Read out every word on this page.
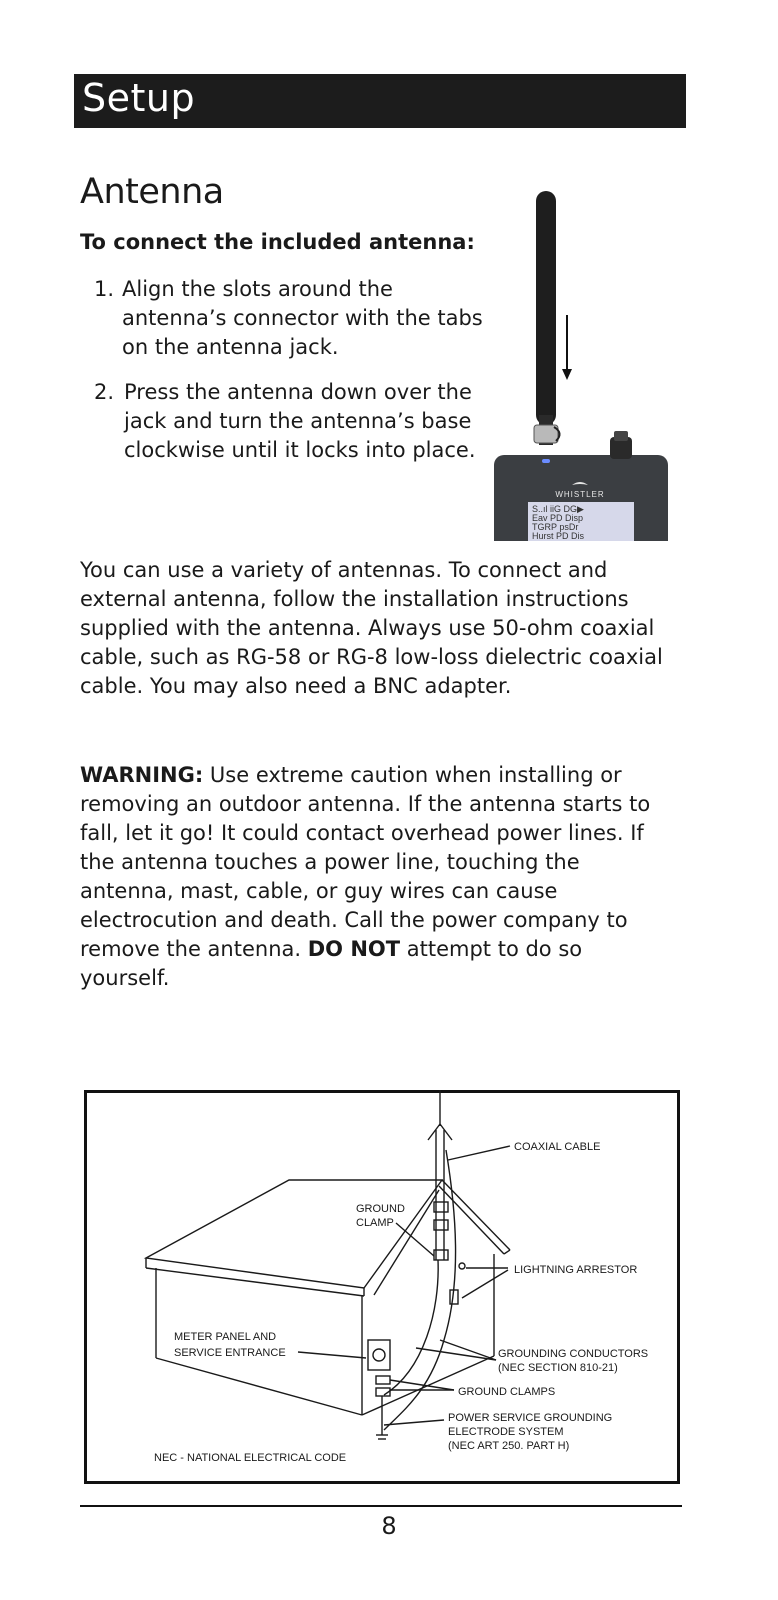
Setup
Antenna
To connect the included antenna:
1. Align the slots around the antenna’s connector with the tabs on the antenna jack.
2. Press the antenna down over the jack and turn the antenna’s base clockwise until it locks into place.
WHISTLER
S..ıl iiG DG▶
Eav PD Disp
TGRP psDr
Hurst PD Dis
You can use a variety of antennas. To connect and external antenna, follow the installation instructions supplied with the antenna. Always use 50-ohm coaxial cable, such as RG-58 or RG-8 low-loss dielectric coaxial cable. You may also need a BNC adapter.
WARNING: Use extreme caution when installing or removing an outdoor antenna. If the antenna starts to fall, let it go! It could contact overhead power lines. If the antenna touches a power line, touching the antenna, mast, cable, or guy wires can cause electrocution and death. Call the power company to remove the antenna. DO NOT attempt to do so yourself.
COAXIAL CABLE
GROUND
CLAMP
LIGHTNING ARRESTOR
METER PANEL AND
SERVICE ENTRANCE	GROUNDING CONDUCTORS
(NEC SECTION 810-21)
GROUND CLAMPS
POWER SERVICE GROUNDING
ELECTRODE SYSTEM
(NEC ART 250. PART H)
NEC - NATIONAL ELECTRICAL CODE
8
